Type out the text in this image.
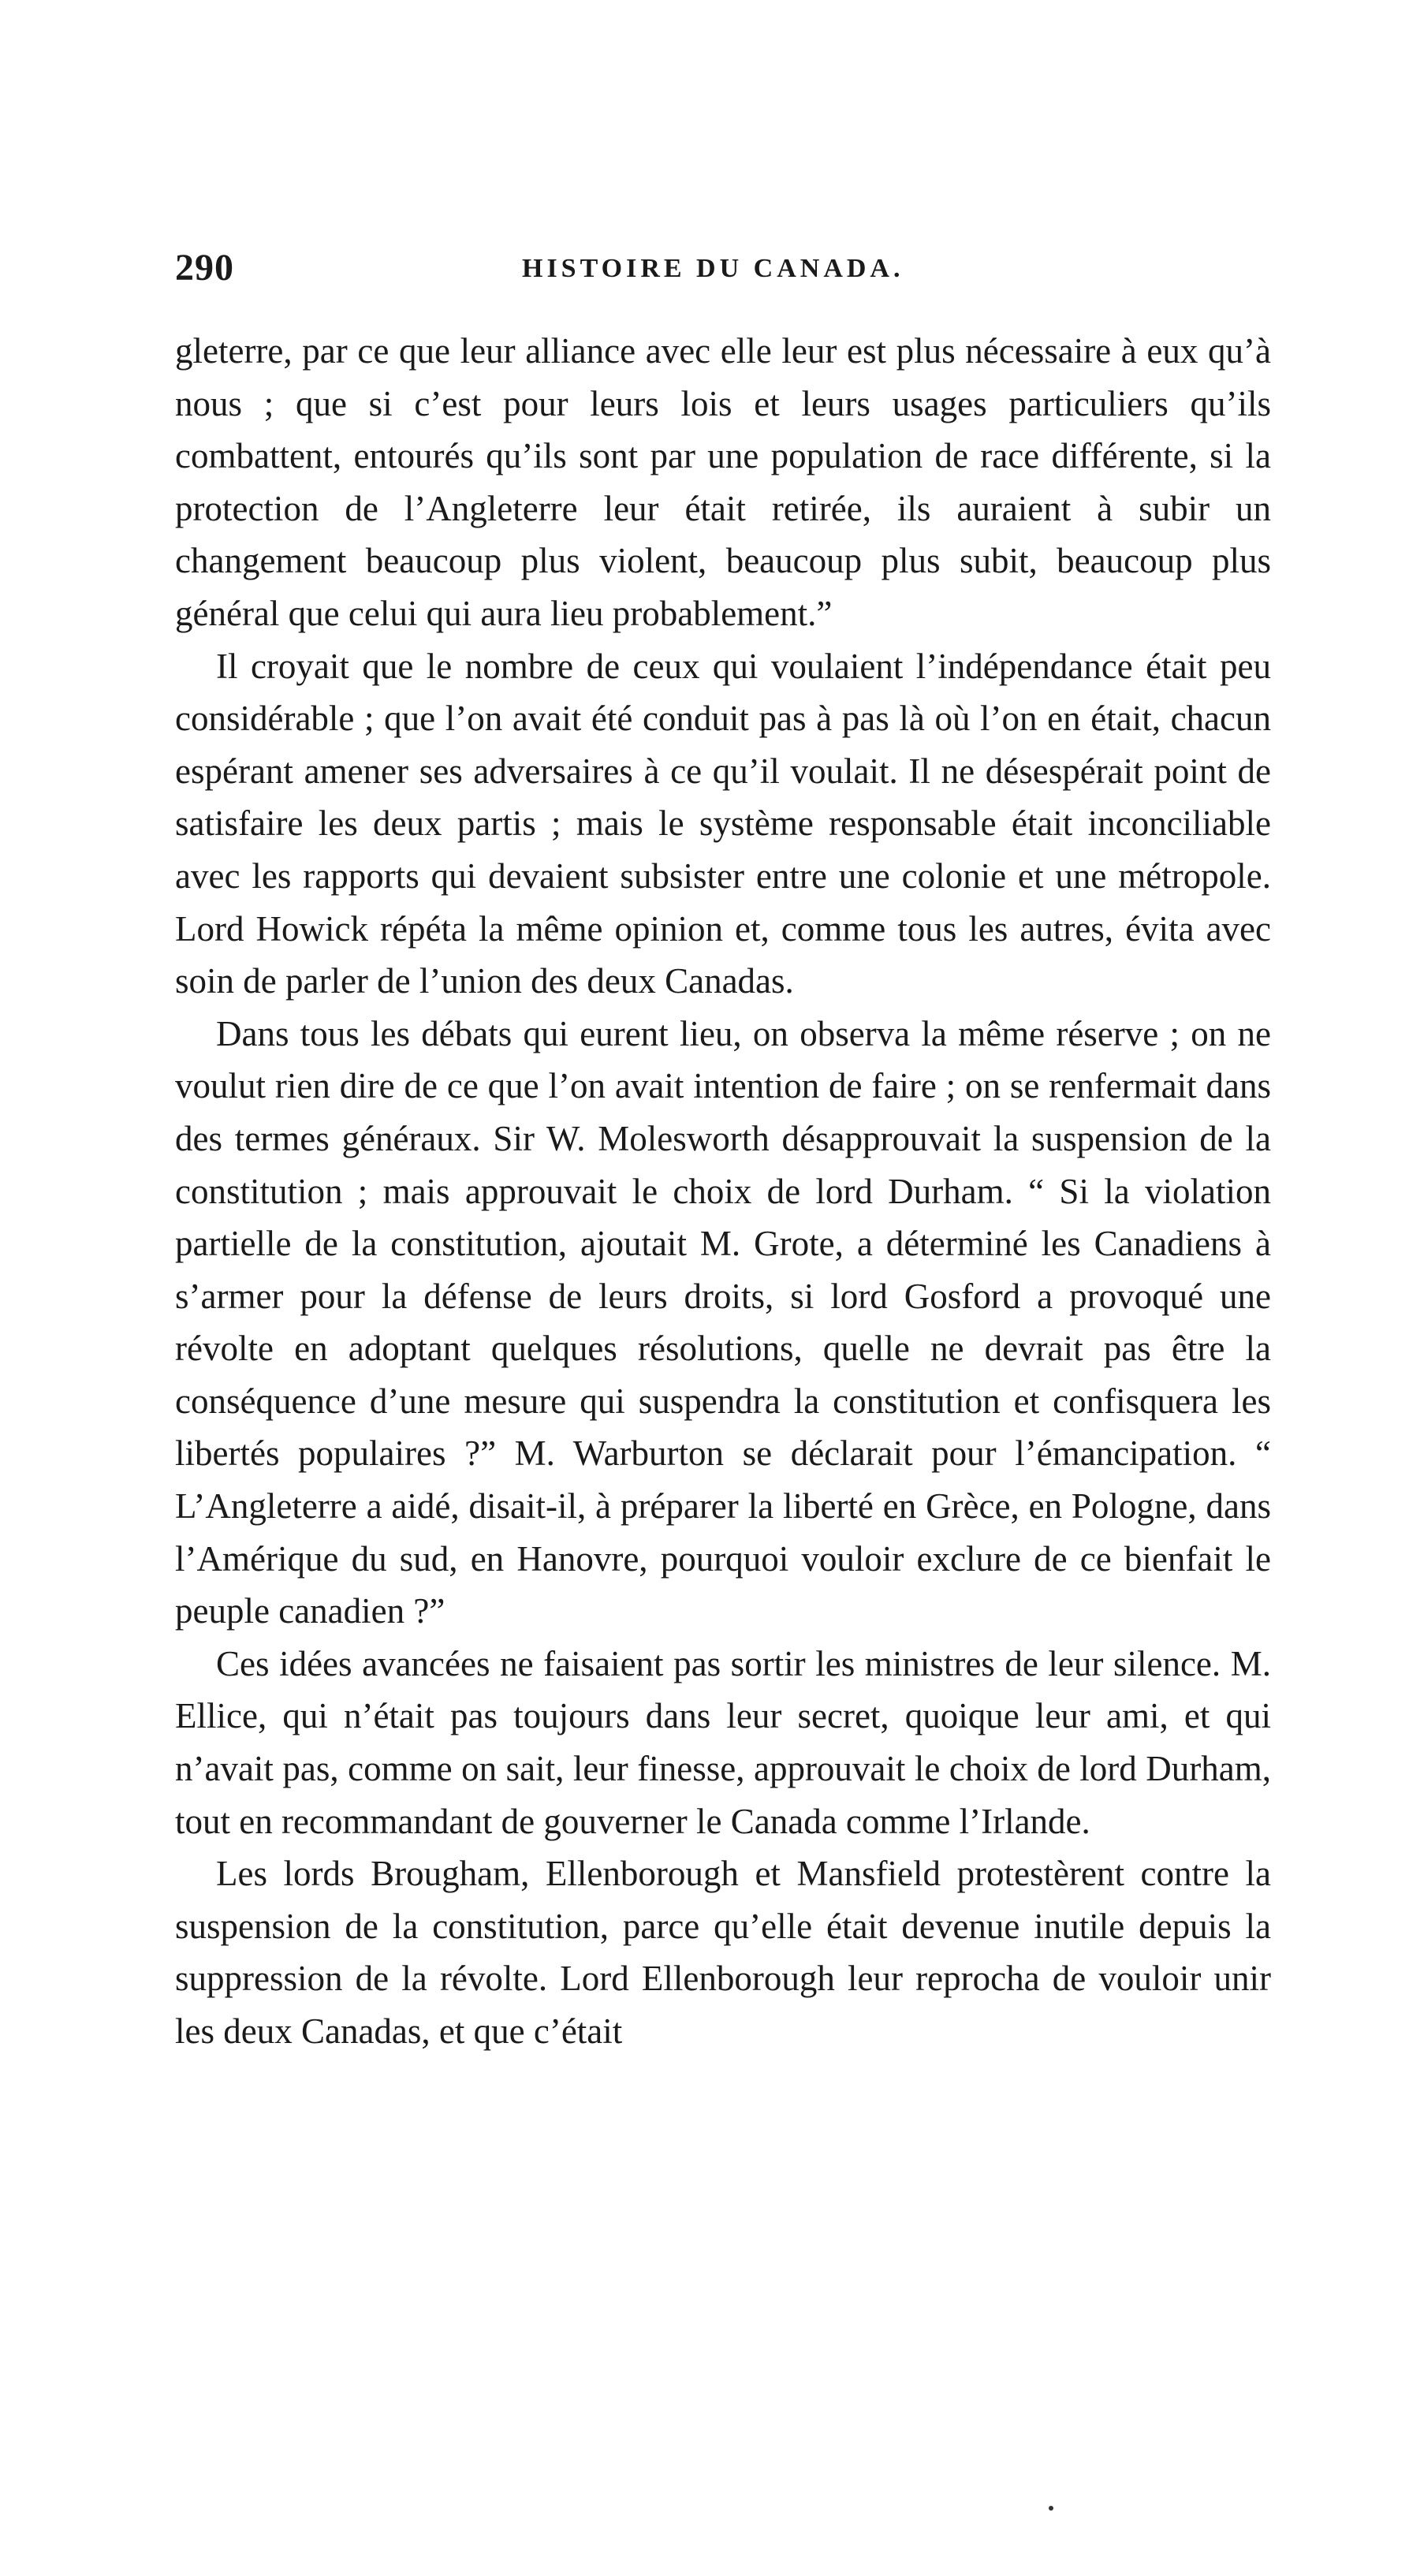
290	HISTOIRE DU CANADA.

gleterre, par ce que leur alliance avec elle leur est plus nécessaire à eux qu’à nous ; que si c’est pour leurs lois et leurs usages particuliers qu’ils combattent, entourés qu’ils sont par une population de race différente, si la protection de l’Angleterre leur était retirée, ils auraient à subir un changement beaucoup plus violent, beaucoup plus subit, beaucoup plus général que celui qui aura lieu probablement.”

Il croyait que le nombre de ceux qui voulaient l’indépendance était peu considérable ; que l’on avait été conduit pas à pas là où l’on en était, chacun espérant amener ses adversaires à ce qu’il voulait. Il ne désespérait point de satisfaire les deux partis ; mais le système responsable était inconciliable avec les rapports qui devaient subsister entre une colonie et une métropole. Lord Howick répéta la même opinion et, comme tous les autres, évita avec soin de parler de l’union des deux Canadas.

Dans tous les débats qui eurent lieu, on observa la même réserve ; on ne voulut rien dire de ce que l’on avait intention de faire ; on se renfermait dans des termes généraux. Sir W. Molesworth désapprouvait la suspension de la constitution ; mais approuvait le choix de lord Durham. “ Si la violation partielle de la constitution, ajoutait M. Grote, a déterminé les Canadiens à s’armer pour la défense de leurs droits, si lord Gosford a provoqué une révolte en adoptant quelques résolutions, quelle ne devrait pas être la conséquence d’une mesure qui suspendra la constitution et confisquera les libertés populaires ?” M. Warburton se déclarait pour l’émancipation. “ L’Angleterre a aidé, disait-il, à préparer la liberté en Grèce, en Pologne, dans l’Amérique du sud, en Hanovre, pourquoi vouloir exclure de ce bienfait le peuple canadien ?”

Ces idées avancées ne faisaient pas sortir les ministres de leur silence. M. Ellice, qui n’était pas toujours dans leur secret, quoique leur ami, et qui n’avait pas, comme on sait, leur finesse, approuvait le choix de lord Durham, tout en recommandant de gouverner le Canada comme l’Irlande.

Les lords Brougham, Ellenborough et Mansfield protestèrent contre la suspension de la constitution, parce qu’elle était devenue inutile depuis la suppression de la révolte. Lord Ellenborough leur reprocha de vouloir unir les deux Canadas, et que c’était
